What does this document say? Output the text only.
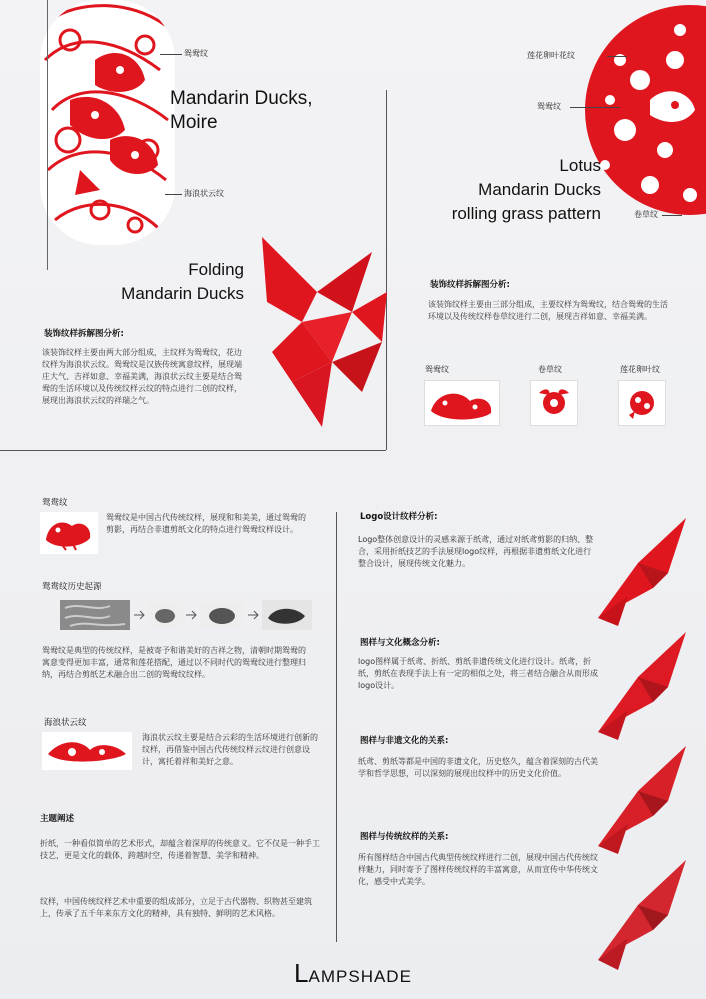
鸳鸯纹
海浪状云纹
Mandarin Ducks,
Moire
莲花卵叶花纹
鸳鸯纹
卷草纹
Lotus
Mandarin Ducks
rolling grass pattern
装饰纹样拆解图分析:
该装饰纹样主要由三部分组成，主要纹样为鸳鸯纹，结合鸳鸯的生活环境以及传统纹样卷草纹进行二创，展现吉祥如意、幸福美满。
鸳鸯纹	卷草纹	莲花卵叶纹
Folding
Mandarin Ducks
装饰纹样拆解图分析:
该装饰纹样主要由两大部分组成，主纹样为鸳鸯纹，花边纹样为海浪状云纹。鸳鸯纹是汉族传统寓意纹样，展现端庄大气、吉祥如意、幸福美满，海浪状云纹主要是结合鸳鸯的生活环境以及传统纹样云纹的特点进行二创的纹样，展现出海浪状云纹的祥瑞之气。
鸳鸯纹
鸳鸯纹是中国古代传统纹样，展现和和美美，通过鸳鸯的剪影，再结合非遗剪纸文化的特点进行鸳鸯纹样设计。
鸳鸯纹历史起源
鸳鸯纹是典型的传统纹样，是被寄予和谐美好的吉祥之物，清朝时期鸳鸯的寓意变得更加丰富，通常和莲花搭配，通过以不同时代的鸳鸯纹进行整理归纳，再结合剪纸艺术融合出二创的鸳鸯纹纹样。
海浪状云纹
海浪状云纹主要是结合云彩的生活环境进行创新的纹样，再借鉴中国古代传统纹样云纹进行创意设计，寓托着祥和美好之意。
主题阐述
折纸，一种看似简单的艺术形式，却蕴含着深厚的传统意义。它不仅是一种手工技艺，更是文化的载体，跨越时空，传递着智慧、美学和精神。
纹样，中国传统纹样艺术中重要的组成部分，立足于古代器物、织物甚至建筑上，传承了五千年来东方文化的精神，具有独特、鲜明的艺术风格。
Logo设计纹样分析:
Logo整体创意设计的灵感来源于纸鸢，通过对纸鸢剪影的归纳、整合，采用折纸技艺的手法展现logo纹样，再根据非遗剪纸文化进行整合设计，展现传统文化魅力。
图样与文化概念分析:
logo图样属于纸鸢、折纸、剪纸非遗传统文化进行设计。纸鸢，折纸，剪纸在表现手法上有一定的相似之处，将三者结合融合从而形成logo设计。
图样与非遗文化的关系:
纸鸢、剪纸等都是中国的非遗文化，历史悠久，蕴含着深刻的古代美学和哲学思想，可以深刻的展现出纹样中的历史文化价值。
图样与传统纹样的关系:
所有图样结合中国古代典型传统纹样进行二创，展现中国古代传统纹样魅力，同时寄予了图样传统纹样的丰富寓意，从而宣传中华传统文化，感受中式美学。
LAMPSHADE
